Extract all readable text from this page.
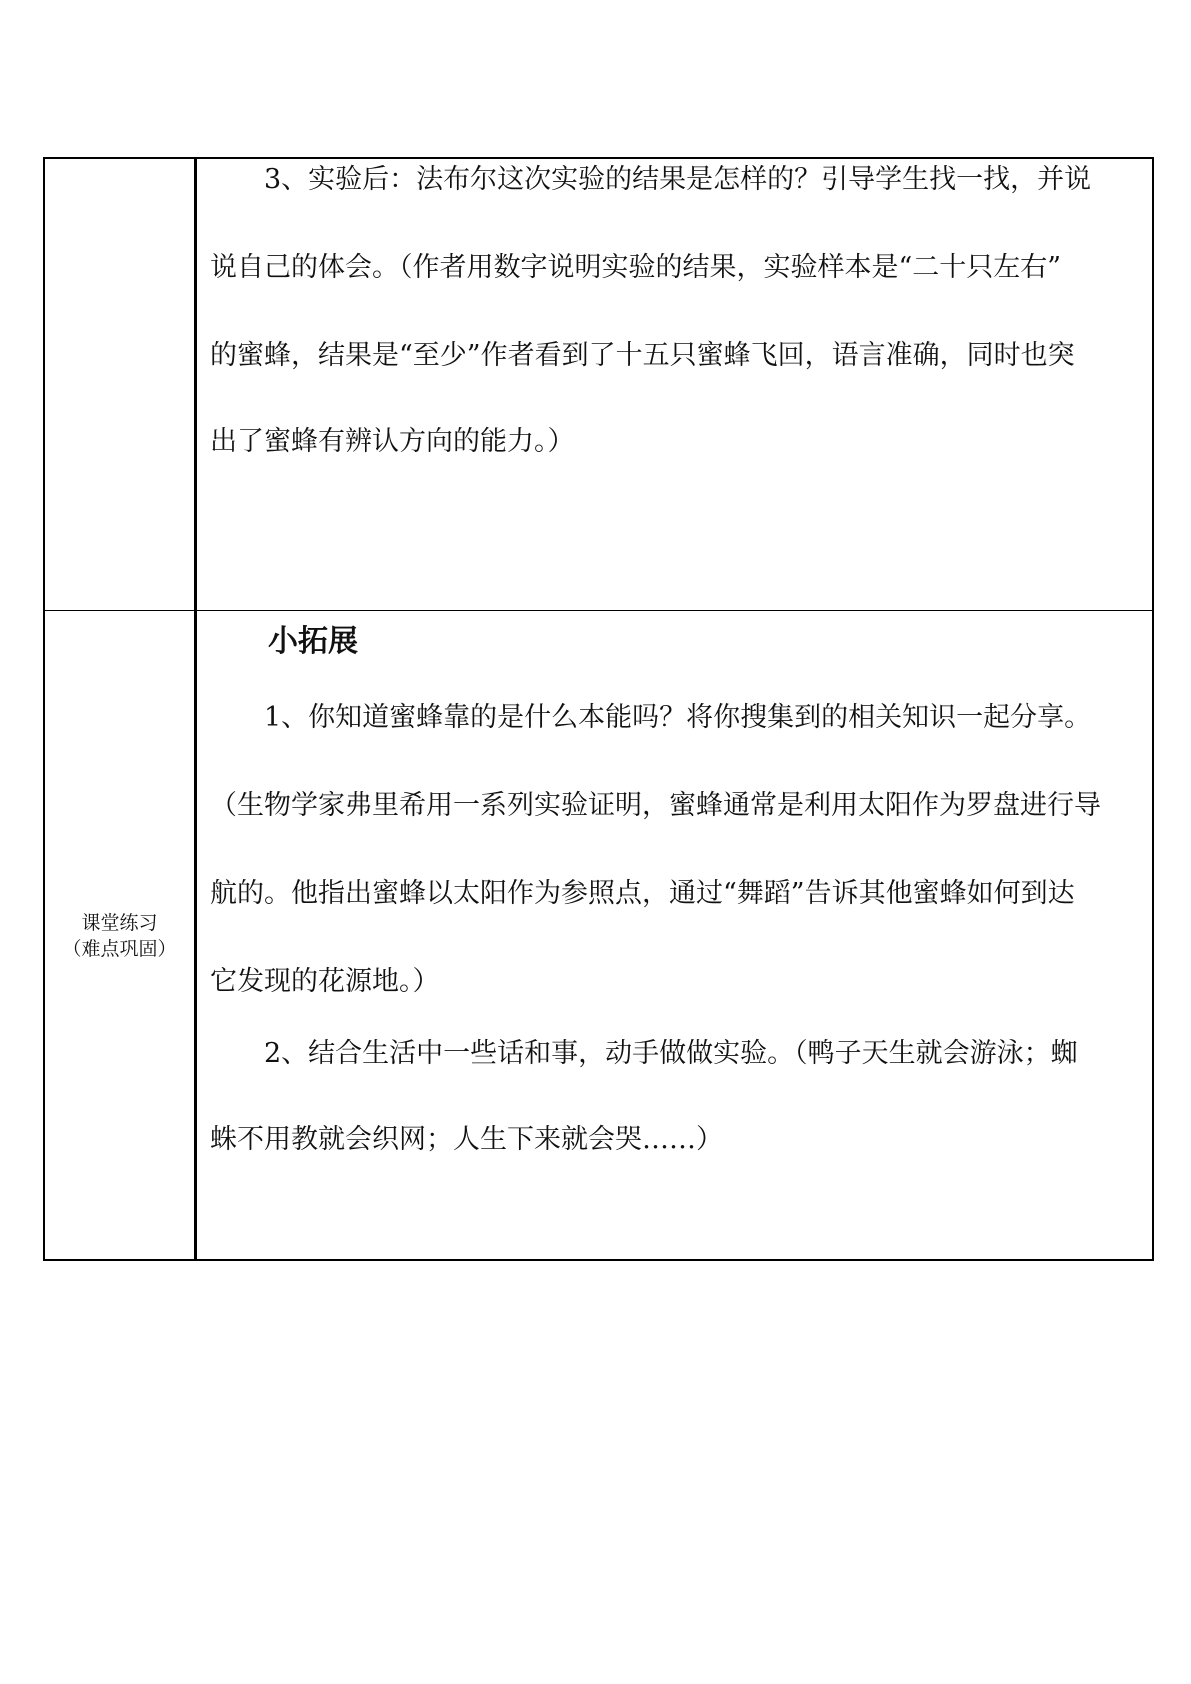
　　3、实验后：法布尔这次实验的结果是怎样的？引导学生找一找，并说
说自己的体会。（作者用数字说明实验的结果，实验样本是“二十只左右”
的蜜蜂，结果是“至少”作者看到了十五只蜜蜂飞回，语言准确，同时也突
出了蜜蜂有辨认方向的能力。）
课堂练习
（难点巩固）
小拓展
　　1、你知道蜜蜂靠的是什么本能吗？将你搜集到的相关知识一起分享。
（生物学家弗里希用一系列实验证明，蜜蜂通常是利用太阳作为罗盘进行导
航的。他指出蜜蜂以太阳作为参照点，通过“舞蹈”告诉其他蜜蜂如何到达
它发现的花源地。）
　　2、结合生活中一些话和事，动手做做实验。（鸭子天生就会游泳；蜘
蛛不用教就会织网；人生下来就会哭……）
